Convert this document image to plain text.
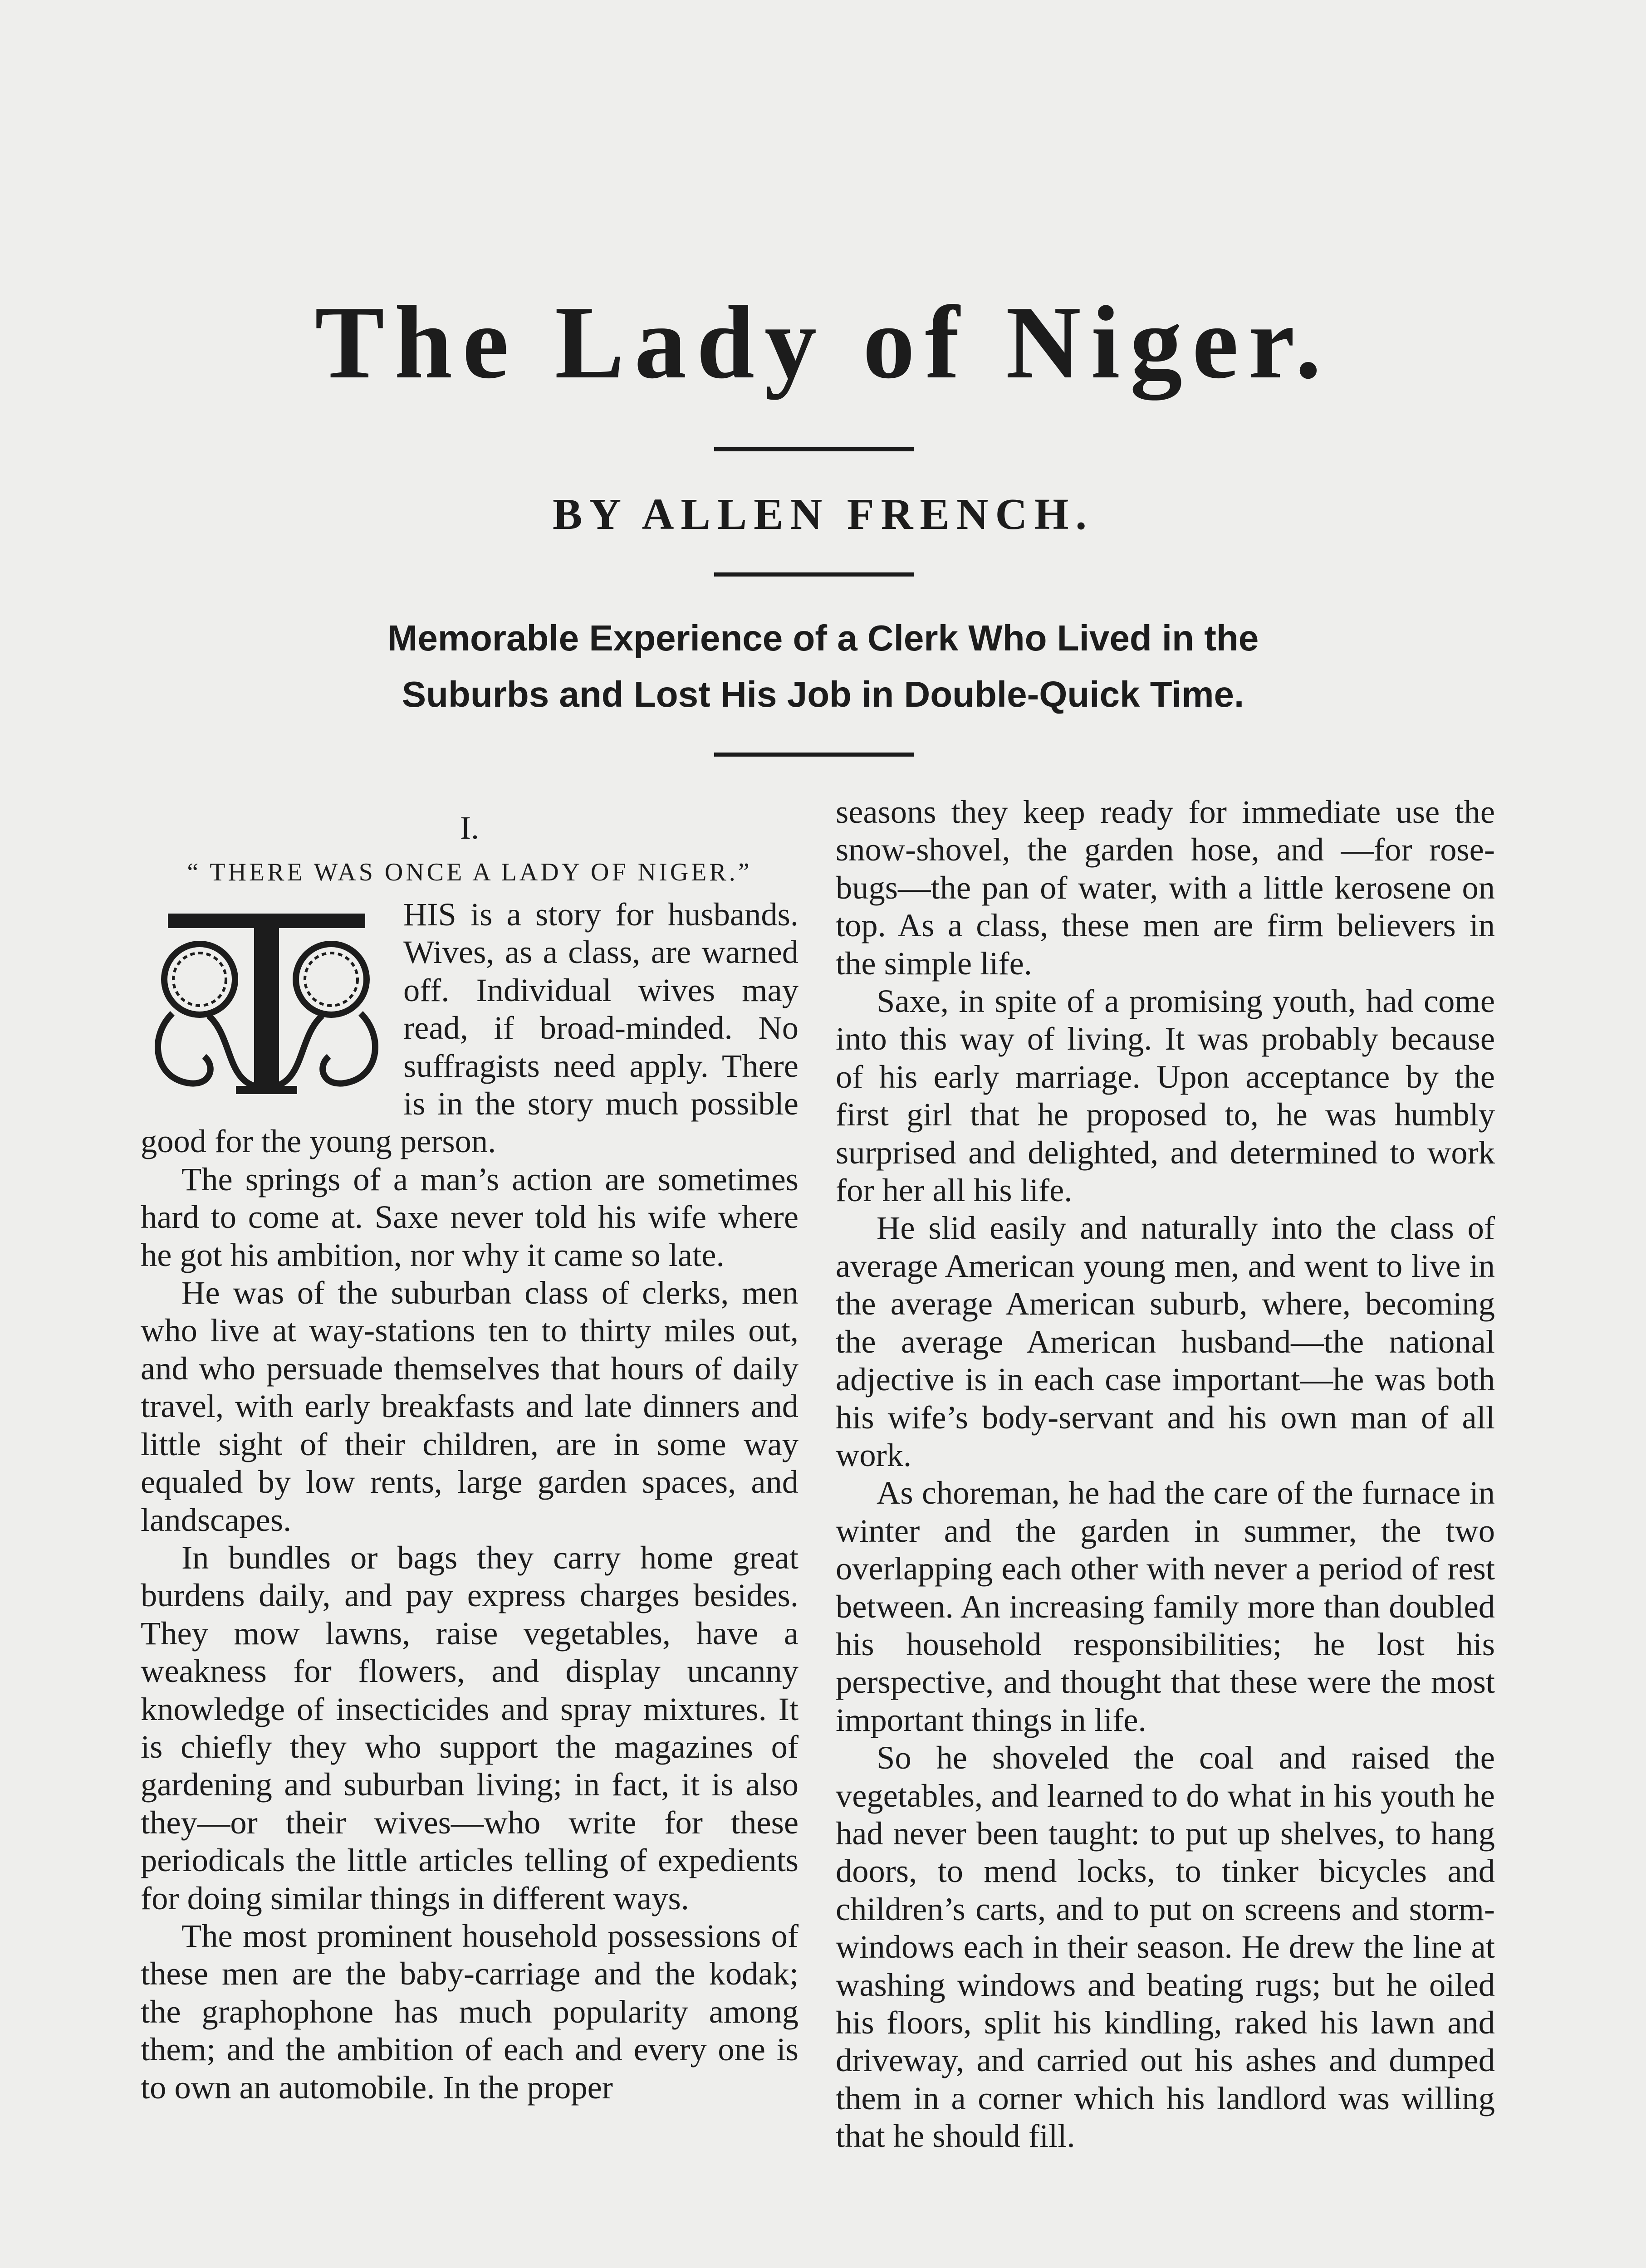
The Lady of Niger.
BY ALLEN FRENCH.
Memorable Experience of a Clerk Who Lived in the
Suburbs and Lost His Job in Double-Quick Time.
I.
“ THERE WAS ONCE A LADY OF NIGER.”

HIS is a story for husbands. Wives, as a class, are warned off. Individual wives may read, if broad-minded. No suffragists need apply. There is in the story much possible good for the young person.

The springs of a man’s action are sometimes hard to come at. Saxe never told his wife where he got his ambition, nor why it came so late.

He was of the suburban class of clerks, men who live at way-stations ten to thirty miles out, and who persuade themselves that hours of daily travel, with early breakfasts and late dinners and little sight of their children, are in some way equaled by low rents, large garden spaces, and landscapes.

In bundles or bags they carry home great burdens daily, and pay express charges besides. They mow lawns, raise vegetables, have a weakness for flowers, and display uncanny knowledge of insecticides and spray mixtures. It is chiefly they who support the magazines of gardening and suburban living; in fact, it is also they—or their wives—who write for these periodicals the little articles telling of expedients for doing similar things in different ways.

The most prominent household possessions of these men are the baby-carriage and the kodak; the graphophone has much popularity among them; and the ambition of each and every one is to own an automobile. In the proper

seasons they keep ready for immediate use the snow-shovel, the garden hose, and —for rose-bugs—the pan of water, with a little kerosene on top. As a class, these men are firm believers in the simple life.

Saxe, in spite of a promising youth, had come into this way of living. It was probably because of his early marriage. Upon acceptance by the first girl that he proposed to, he was humbly surprised and delighted, and determined to work for her all his life.

He slid easily and naturally into the class of average American young men, and went to live in the average American suburb, where, becoming the average American husband—the national adjective is in each case important—he was both his wife’s body-servant and his own man of all work.

As choreman, he had the care of the furnace in winter and the garden in summer, the two overlapping each other with never a period of rest between. An increasing family more than doubled his household responsibilities; he lost his perspective, and thought that these were the most important things in life.

So he shoveled the coal and raised the vegetables, and learned to do what in his youth he had never been taught: to put up shelves, to hang doors, to mend locks, to tinker bicycles and children’s carts, and to put on screens and storm-windows each in their season. He drew the line at washing windows and beating rugs; but he oiled his floors, split his kindling, raked his lawn and driveway, and carried out his ashes and dumped them in a corner which his landlord was willing that he should fill.
